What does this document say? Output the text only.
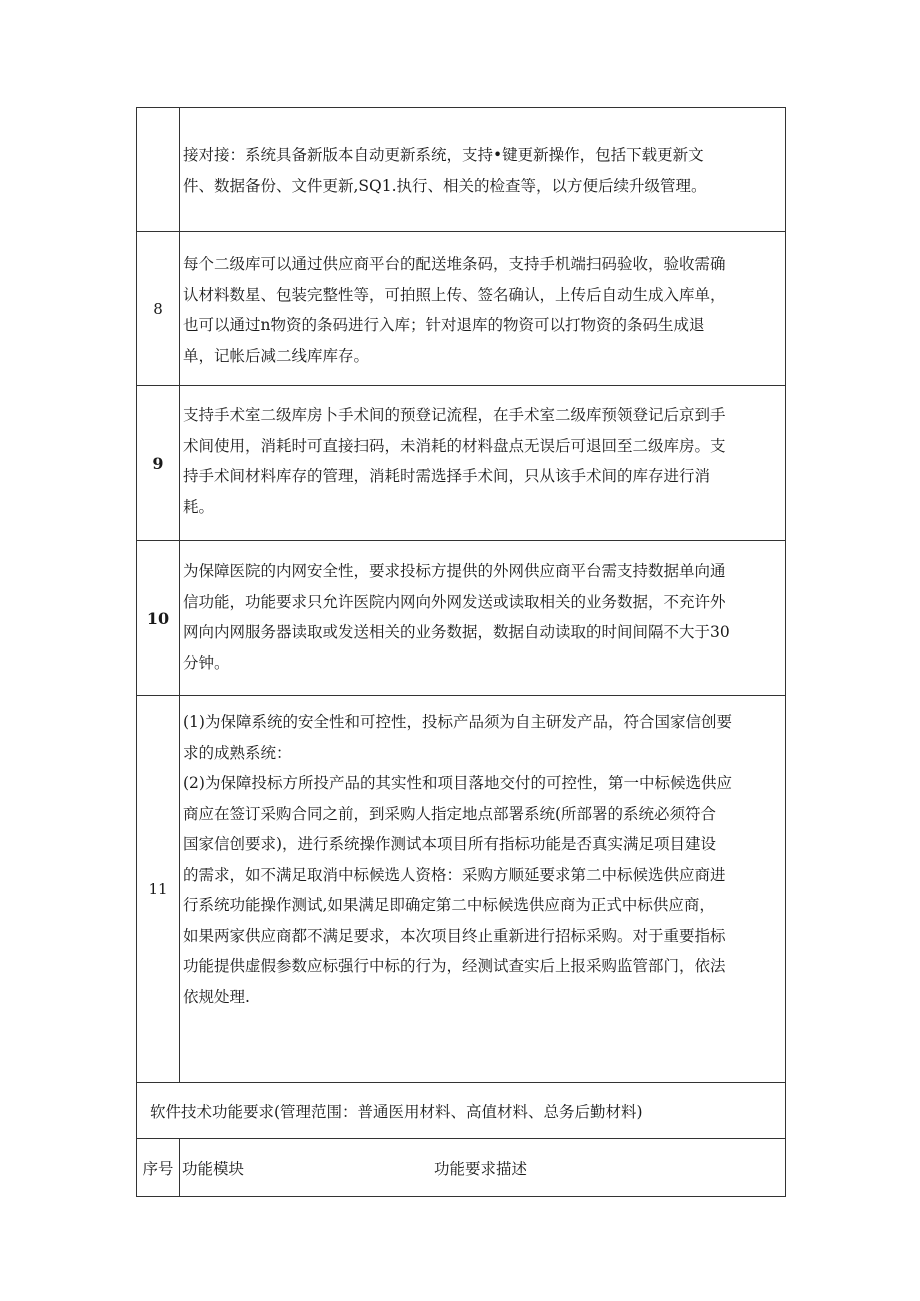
接对接：系统具备新版本自动更新系统，支持•键更新操作，包括下载更新文

件、数据备份、文件更新,SQ1.执行、相关的检查等，以方便后续升级管理。

8

每个二级库可以通过供应商平台的配送堆条码，支持手机端扫码验收，验收需确

认材料数星、包装完整性等，可拍照上传、签名确认，上传后自动生成入库单，

也可以通过n物资的条码进行入库；针对退库的物资可以打物资的条码生成退

单，记帐后减二线库库存。

9

支持手术室二级库房卜手术间的预登记流程，在手术室二级库预领登记后京到手

术间使用，消耗时可直接扫码，未消耗的材料盘点无误后可退回至二级库房。支

持手术间材料库存的管理，消耗时需选择手术间，只从该手术间的库存进行消

耗。

10

为保障医院的内网安全性，要求投标方提供的外网供应商平台需支持数据单向通

信功能，功能要求只允许医院内网向外网发送或读取相关的业务数据，不充许外

网向内网服务器读取或发送相关的业务数据，数据自动读取的时间间隔不大于30

分钟。

11

(1)为保障系统的安全性和可控性，投标产品须为自主研发产品，符合国家信创要

求的成熟系统：

(2)为保障投标方所投产品的其实性和项目落地交付的可控性，第一中标候选供应

商应在签订采购合同之前，到采购人指定地点部署系统(所部署的系统必须符合

国家信创要求)，进行系统操作测试本项目所有指标功能是否真实满足项目建设

的需求，如不满足取消中标候选人资格：采购方顺延要求第二中标候选供应商进

行系统功能操作测试,如果满足即确定第二中标候选供应商为正式中标供应商，

如果两家供应商都不满足要求，本次项目终止重新进行招标采购。对于重要指标

功能提供虚假参数应标强行中标的行为，经测试查实后上报采购监管部门，依法

依规处理.

软件技术功能要求(管理范围：普通医用材料、高值材料、总务后勤材料)
序号 功能模块	功能要求描述
